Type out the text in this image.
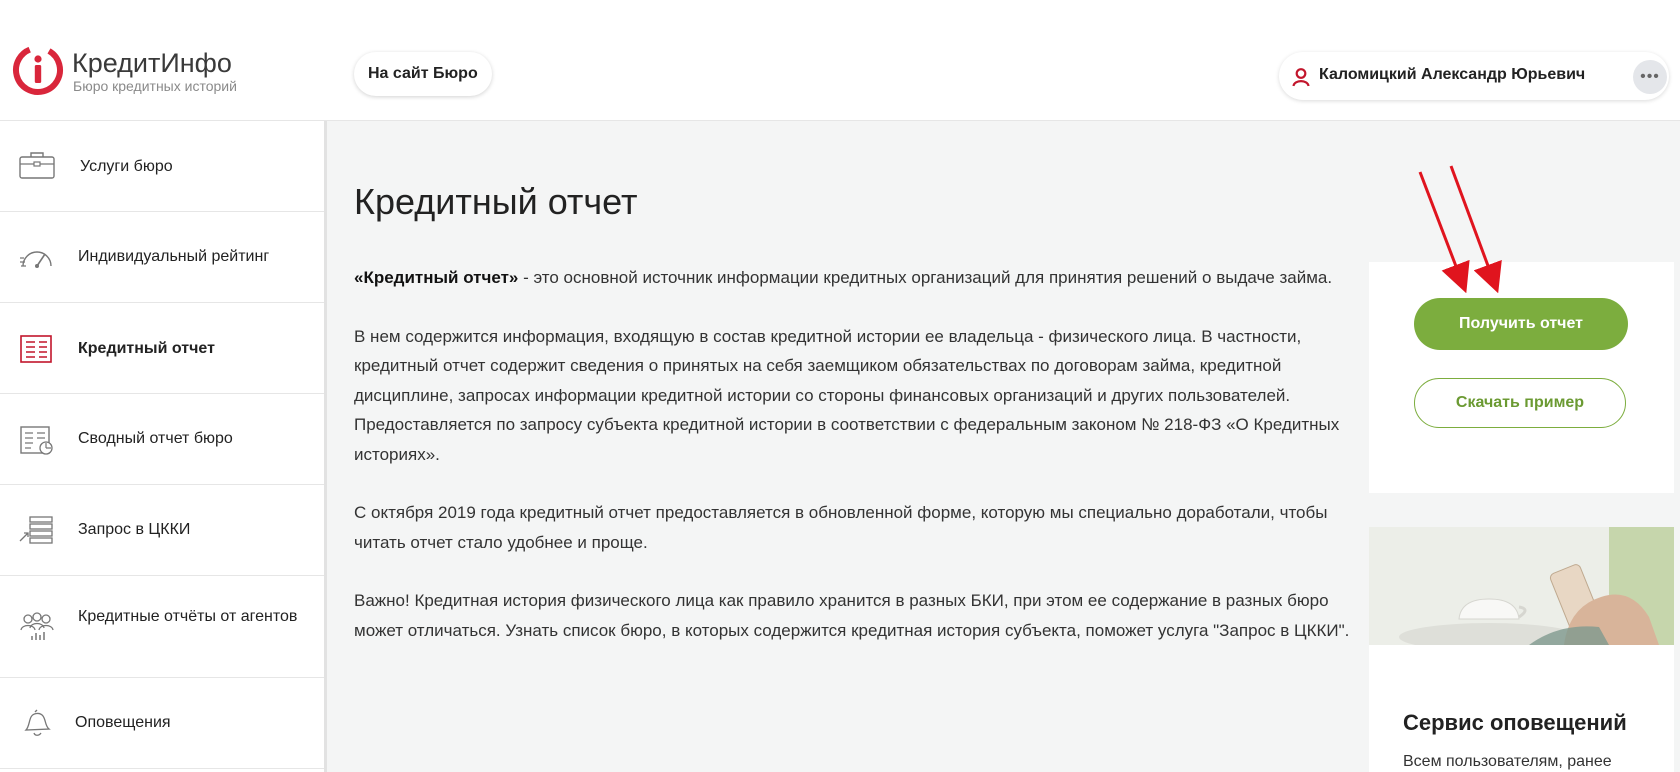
КредитИнфо
Бюро кредитных историй
На сайт Бюро	Каломицкий Александр Юрьевич	•••
Услуги бюро
Индивидуальный рейтинг
Кредитный отчет
Сводный отчет бюро
Запрос в ЦККИ
Кредитные отчёты от агентов
Оповещения
Кредитный отчет

«Кредитный отчет» - это основной источник информации кредитных организаций для принятия решений о выдаче займа.

В нем содержится информация, входящую в состав кредитной истории ее владельца - физического лица. В частности, кредитный отчет содержит сведения о принятых на себя заемщиком обязательствах по договорам займа, кредитной дисциплине, запросах информации кредитной истории со стороны финансовых организаций и других пользователей. Предоставляется по запросу субъекта кредитной истории в соответствии с федеральным законом № 218-ФЗ «О Кредитных историях».

С октября 2019 года кредитный отчет предоставляется в обновленной форме, которую мы специально доработали, чтобы читать отчет стало удобнее и проще.

Важно! Кредитная история физического лица как правило хранится в разных БКИ, при этом ее содержание в разных бюро может отличаться. Узнать список бюро, в которых содержится кредитная история субъекта, поможет услуга "Запрос в ЦККИ".

Получить отчет
Скачать пример
Сервис оповещений
Всем пользователям, ранее
